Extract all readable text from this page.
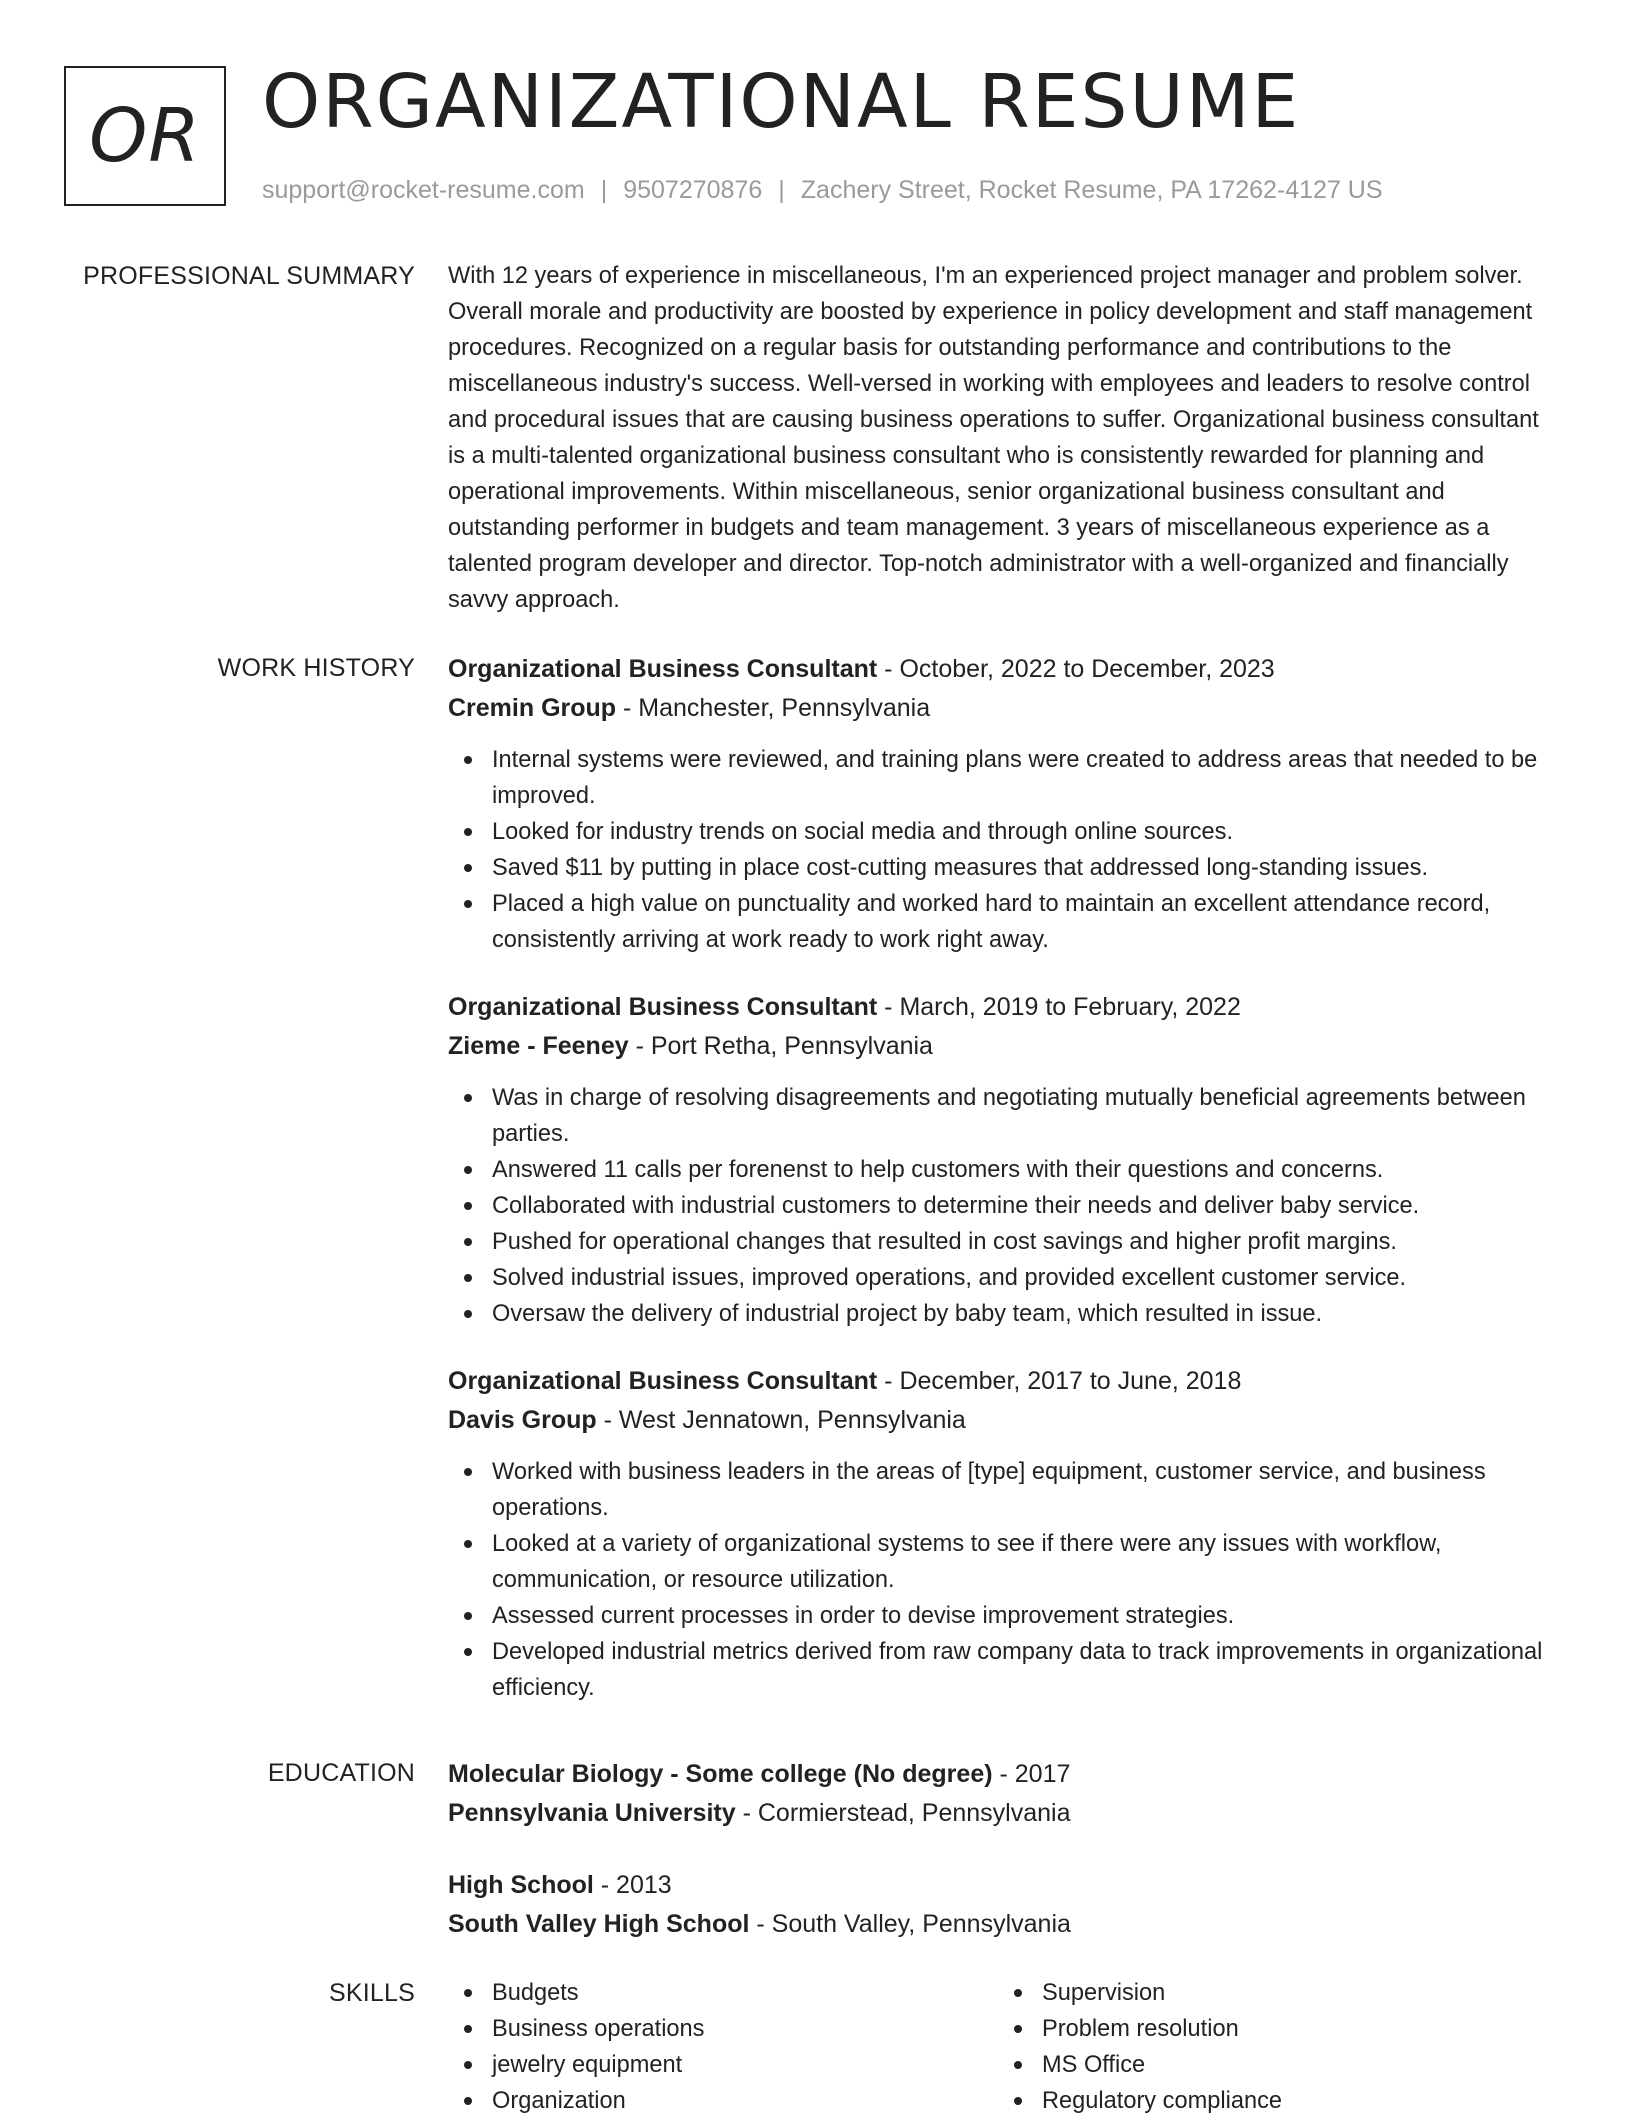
OR ORGANIZATIONAL RESUME
support@rocket-resume.com | 9507270876 | Zachery Street, Rocket Resume, PA 17262-4127 US
PROFESSIONAL SUMMARY With 12 years of experience in miscellaneous, I'm an experienced project manager and problem solver. Overall morale and productivity are boosted by experience in policy development and staff management procedures. Recognized on a regular basis for outstanding performance and contributions to the miscellaneous industry's success. Well-versed in working with employees and leaders to resolve control and procedural issues that are causing business operations to suffer. Organizational business consultant is a multi-talented organizational business consultant who is consistently rewarded for planning and operational improvements. Within miscellaneous, senior organizational business consultant and outstanding performer in budgets and team management. 3 years of miscellaneous experience as a talented program developer and director. Top-notch administrator with a well-organized and financially savvy approach.

WORK HISTORY Organizational Business Consultant - October, 2022 to December, 2023
Cremin Group - Manchester, Pennsylvania
Internal systems were reviewed, and training plans were created to address areas that needed to be improved.
Looked for industry trends on social media and through online sources.
Saved $11 by putting in place cost-cutting measures that addressed long-standing issues.
Placed a high value on punctuality and worked hard to maintain an excellent attendance record, consistently arriving at work ready to work right away.
Organizational Business Consultant - March, 2019 to February, 2022
Zieme - Feeney - Port Retha, Pennsylvania
Was in charge of resolving disagreements and negotiating mutually beneficial agreements between parties.
Answered 11 calls per forenenst to help customers with their questions and concerns.
Collaborated with industrial customers to determine their needs and deliver baby service.
Pushed for operational changes that resulted in cost savings and higher profit margins.
Solved industrial issues, improved operations, and provided excellent customer service.
Oversaw the delivery of industrial project by baby team, which resulted in issue.
Organizational Business Consultant - December, 2017 to June, 2018
Davis Group - West Jennatown, Pennsylvania
Worked with business leaders in the areas of [type] equipment, customer service, and business operations.
Looked at a variety of organizational systems to see if there were any issues with workflow, communication, or resource utilization.
Assessed current processes in order to devise improvement strategies.
Developed industrial metrics derived from raw company data to track improvements in organizational efficiency.
EDUCATION Molecular Biology - Some college (No degree) - 2017
Pennsylvania University - Cormierstead, Pennsylvania
High School - 2013
South Valley High School - South Valley, Pennsylvania
SKILLS	Budgets
Business operations
jewelry equipment
Organization
Supervision
Problem resolution
MS Office
Regulatory compliance
